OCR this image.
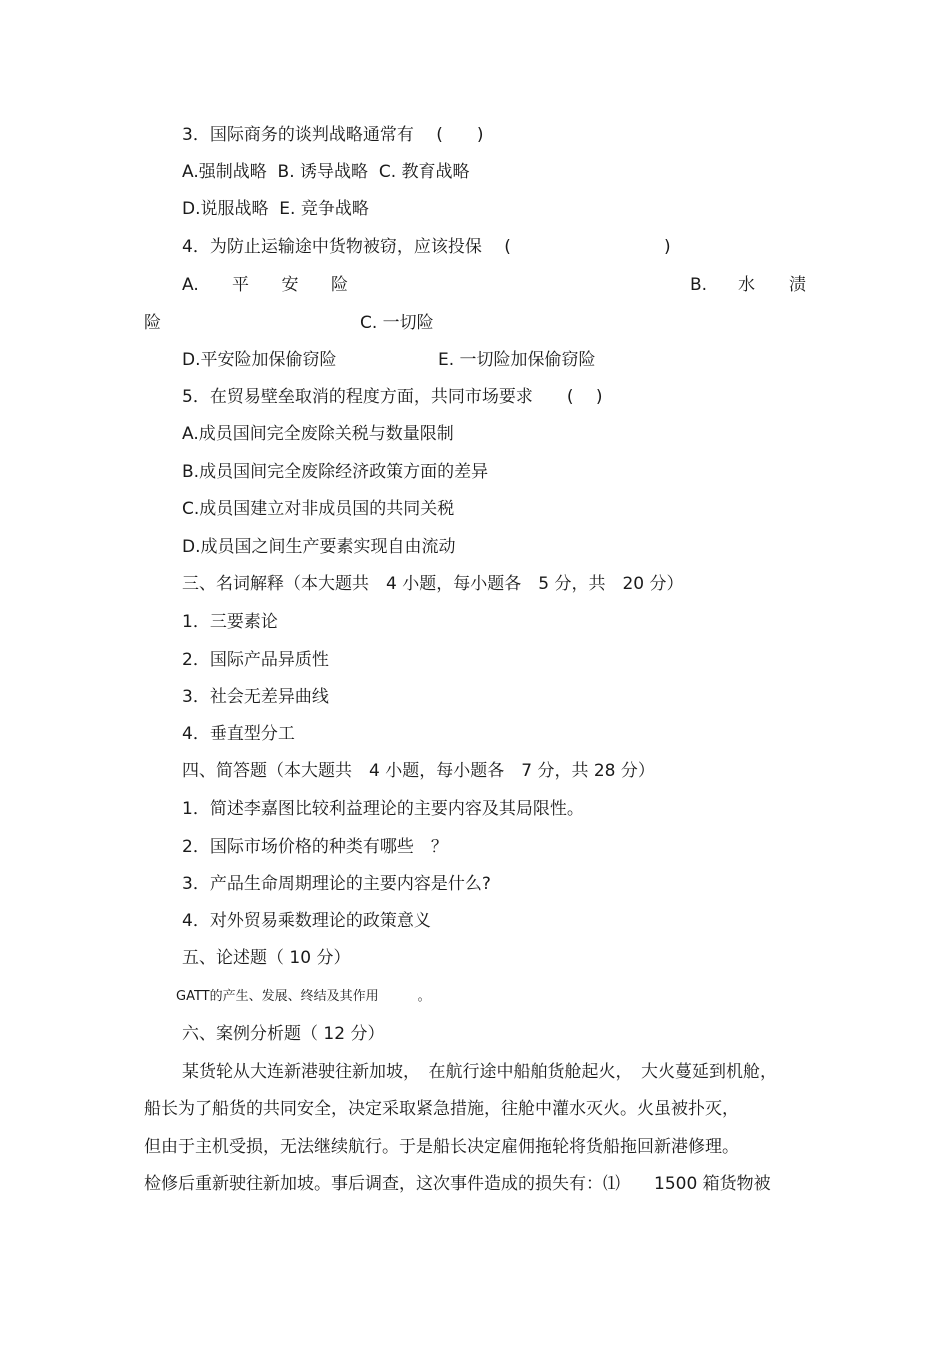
3．国际商务的谈判战略通常有　 (　　)
A.强制战略  B. 诱导战略  C. 教育战略
D.说服战略  E. 竞争战略
4．为防止运输途中货物被窃，应该投保　 (	)
A. 平 安 险	B. 水 渍
险	C. 一切险
D.平安险加保偷窃险	E. 一切险加保偷窃险
5．在贸易壁垒取消的程度方面，共同市场要求　　(　 )
A.成员国间完全废除关税与数量限制
B.成员国间完全废除经济政策方面的差异
C.成员国建立对非成员国的共同关税
D.成员国之间生产要素实现自由流动
三、名词解释（本大题共　4 小题，每小题各　5 分，共　20 分）
1．三要素论
2．国际产品异质性
3．社会无差异曲线
4．垂直型分工
四、简答题（本大题共　4 小题，每小题各　7 分，共 28 分）
1．简述李嘉图比较利益理论的主要内容及其局限性。
2．国际市场价格的种类有哪些　？
3．产品生命周期理论的主要内容是什么?
4．对外贸易乘数理论的政策意义
五、论述题（ 10 分）
GATT的产生、发展、终结及其作用　　　。
六、案例分析题（ 12 分）
某货轮从大连新港驶往新加坡，　在航行途中船舶货舱起火，　大火蔓延到机舱，
船长为了船货的共同安全，决定采取紧急措施，往舱中灌水灭火。火虽被扑灭，
但由于主机受损，无法继续航行。于是船长决定雇佣拖轮将货船拖回新港修理。
检修后重新驶往新加坡。事后调查，这次事件造成的损失有：⑴　　1500 箱货物被
